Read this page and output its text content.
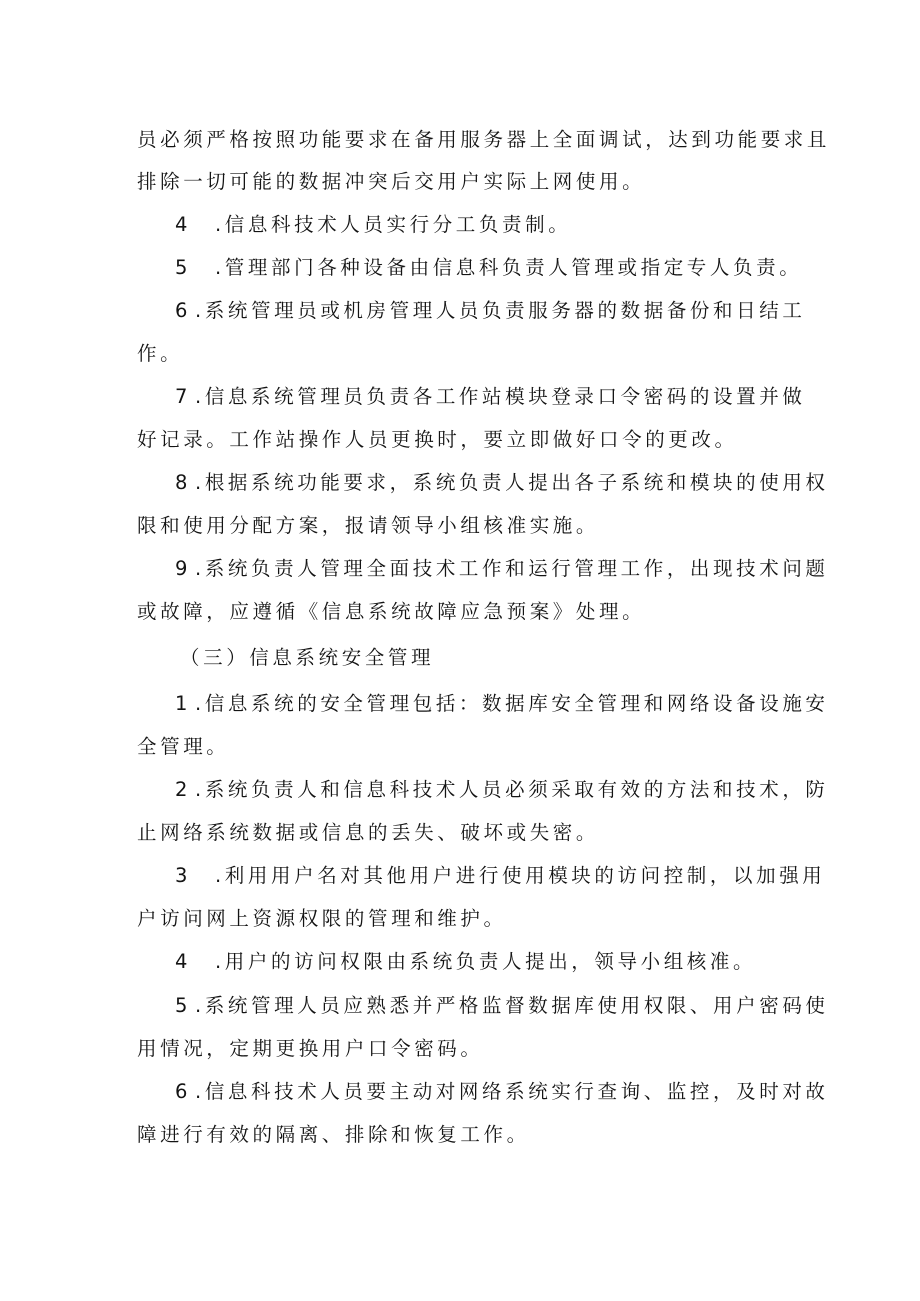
员必须严格按照功能要求在备用服务器上全面调试，达到功能要求且

排除一切可能的数据冲突后交用户实际上网使用。

4 .信息科技术人员实行分工负责制。

5 .管理部门各种设备由信息科负责人管理或指定专人负责。

6 .系统管理员或机房管理人员负责服务器的数据备份和日结工

作。

7 .信息系统管理员负责各工作站模块登录口令密码的设置并做

好记录。工作站操作人员更换时，要立即做好口令的更改。

8 .根据系统功能要求，系统负责人提出各子系统和模块的使用权

限和使用分配方案，报请领导小组核准实施。

9 .系统负责人管理全面技术工作和运行管理工作，出现技术问题

或故障，应遵循《信息系统故障应急预案》处理。

（三）信息系统安全管理

1 .信息系统的安全管理包括：数据库安全管理和网络设备设施安

全管理。

2 .系统负责人和信息科技术人员必须采取有效的方法和技术，防

止网络系统数据或信息的丢失、破坏或失密。

3 .利用用户名对其他用户进行使用模块的访问控制，以加强用

户访问网上资源权限的管理和维护。

4 .用户的访问权限由系统负责人提出，领导小组核准。

5 .系统管理人员应熟悉并严格监督数据库使用权限、用户密码使

用情况，定期更换用户口令密码。

6 .信息科技术人员要主动对网络系统实行查询、监控，及时对故

障进行有效的隔离、排除和恢复工作。
